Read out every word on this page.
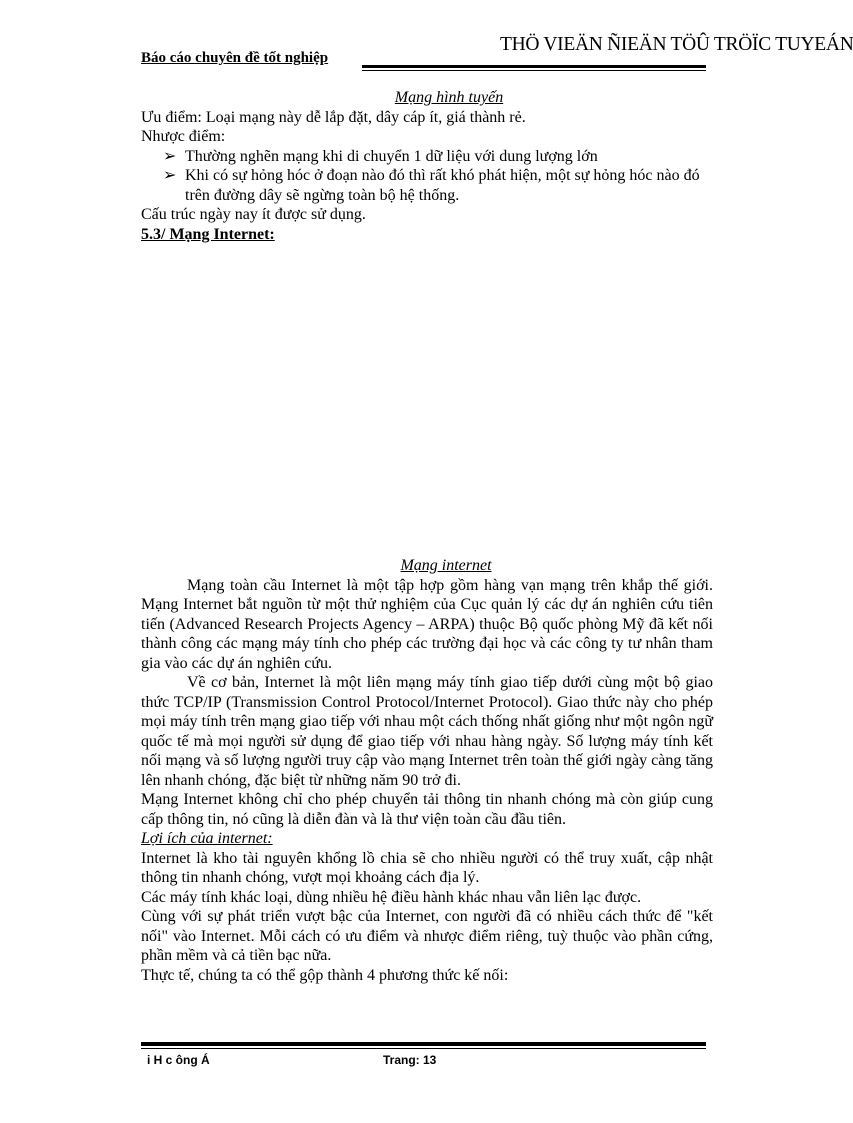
Báo cáo chuyên đề tốt nghiệp
THÖ VIEÄN ÑIEÄN TÖÛ TRÖÏC TUYEÁN
Mạng hình tuyến
Ưu điểm: Loại mạng này dễ lắp đặt, dây cáp ít, giá thành rẻ.
Nhược điểm:
➢ Thường nghẽn mạng khi di chuyển 1 dữ liệu với dung lượng lớn
➢ Khi có sự hỏng hóc ở đoạn nào đó thì rất khó phát hiện, một sự hỏng hóc nào đó trên đường dây sẽ ngừng toàn bộ hệ thống.
Cấu trúc ngày nay ít được sử dụng.
5.3/ Mạng Internet:
Mạng internet
Mạng toàn cầu Internet là một tập hợp gồm hàng vạn mạng trên khắp thế giới. Mạng Internet bắt nguồn từ một thử nghiệm của Cục quản lý các dự án nghiên cứu tiên tiến (Advanced Research Projects Agency – ARPA) thuộc Bộ quốc phòng Mỹ đã kết nối thành công các mạng máy tính cho phép các trường đại học và các công ty tư nhân tham gia vào các dự án nghiên cứu.
Về cơ bản, Internet là một liên mạng máy tính giao tiếp dưới cùng một bộ giao thức TCP/IP (Transmission Control Protocol/Internet Protocol). Giao thức này cho phép mọi máy tính trên mạng giao tiếp với nhau một cách thống nhất giống như một ngôn ngữ quốc tế mà mọi người sử dụng để giao tiếp với nhau hàng ngày. Số lượng máy tính kết nối mạng và số lượng người truy cập vào mạng Internet trên toàn thế giới ngày càng tăng lên nhanh chóng, đặc biệt từ những năm 90 trở đi.
Mạng Internet không chỉ cho phép chuyển tải thông tin nhanh chóng mà còn giúp cung cấp thông tin, nó cũng là diễn đàn và là thư viện toàn cầu đầu tiên.
Lợi ích của internet:
Internet là kho tài nguyên khổng lồ chia sẽ cho nhiều người có thể truy xuất, cập nhật thông tin nhanh chóng, vượt mọi khoảng cách địa lý.
Các máy tính khác loại, dùng nhiều hệ điều hành khác nhau vẫn liên lạc được.
Cùng với sự phát triển vượt bậc của Internet, con người đã có nhiều cách thức để "kết nối" vào Internet. Mỗi cách có ưu điểm và nhược điểm riêng, tuỳ thuộc vào phần cứng, phần mềm và cả tiền bạc nữa.
Thực tế, chúng ta có thể gộp thành 4 phương thức kế nối:
i H c ông Á	Trang: 13
